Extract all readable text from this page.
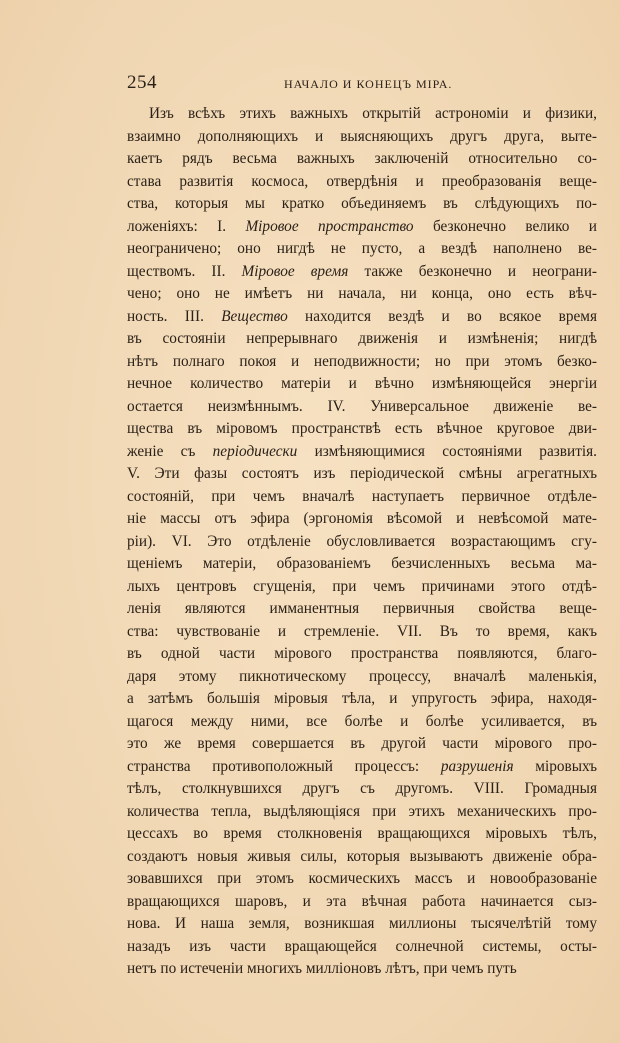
254	НАЧАЛО И КОНЕЦЪ МІРА.
Изъ всѣхъ этихъ важныхъ открытій астрономіи и физики,
взаимно дополняющихъ и выясняющихъ другъ друга, выте-
каетъ рядъ весьма важныхъ заключеній относительно со-
става развитія космоса, отвердѣнія и преобразованія веще-
ства, которыя мы кратко объединяемъ въ слѣдующихъ по-
ложеніяхъ: I. Міровое пространство безконечно велико и
неограничено; оно нигдѣ не пусто, а вездѣ наполнено ве-
ществомъ. II. Міровое время также безконечно и неограни-
чено; оно не имѣетъ ни начала, ни конца, оно есть вѣч-
ность. III. Вещество находится вездѣ и во всякое время
въ состояніи непрерывнаго движенія и измѣненія; нигдѣ
нѣтъ полнаго покоя и неподвижности; но при этомъ безко-
нечное количество матеріи и вѣчно измѣняющейся энергіи
остается неизмѣннымъ. IV. Универсальное движеніе ве-
щества въ міровомъ пространствѣ есть вѣчное круговое дви-
женіе съ періодически измѣняющимися состояніями развитія.
V. Эти фазы состоятъ изъ періодической смѣны агрегатныхъ
состояній, при чемъ вначалѣ наступаетъ первичное отдѣле-
ніе массы отъ эфира (эргономія вѣсомой и невѣсомой мате-
ріи). VI. Это отдѣленіе обусловливается возрастающимъ сгу-
щеніемъ матеріи, образованіемъ безчисленныхъ весьма ма-
лыхъ центровъ сгущенія, при чемъ причинами этого отдѣ-
ленія являются имманентныя первичныя свойства веще-
ства: чувствованіе и стремленіе. VII. Въ то время, какъ
въ одной части мірового пространства появляются, благо-
даря этому пикнотическому процессу, вначалѣ маленькія,
а затѣмъ большія міровыя тѣла, и упругость эфира, находя-
щагося между ними, все болѣе и болѣе усиливается, въ
это же время совершается въ другой части мірового про-
странства противоположный процессъ: разрушенія міровыхъ
тѣлъ, столкнувшихся другъ съ другомъ. VIII. Громадныя
количества тепла, выдѣляющіяся при этихъ механическихъ про-
цессахъ во время столкновенія вращающихся міровыхъ тѣлъ,
создаютъ новыя живыя силы, которыя вызываютъ движеніе обра-
зовавшихся при этомъ космическихъ массъ и новообразованіе
вращающихся шаровъ, и эта вѣчная работа начинается сыз-
нова. И наша земля, возникшая миллионы тысячелѣтій тому
назадъ изъ части вращающейся солнечной системы, осты-
нетъ по истеченіи многихъ милліоновъ лѣтъ, при чемъ путь
